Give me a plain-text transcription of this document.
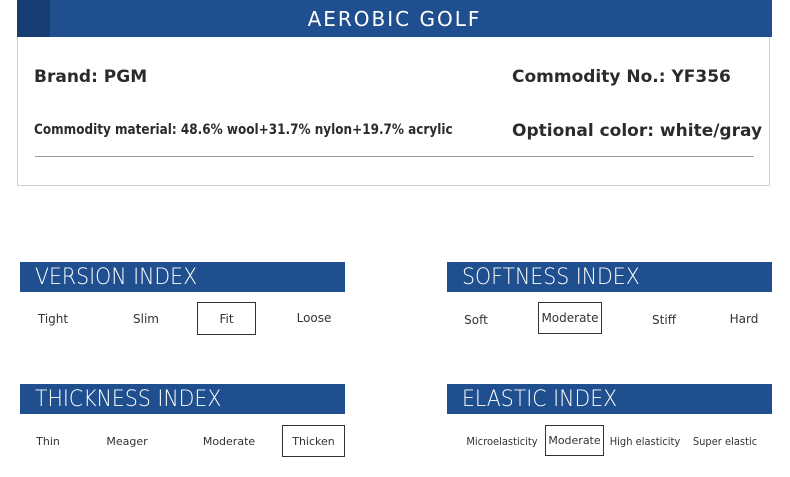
AEROBIC GOLF
Brand: PGM	Commodity No.: YF356
Commodity material: 48.6% wool+31.7% nylon+19.7% acrylic	Optional color: white/gray
VERSION INDEX
Tight	Slim	Fit	Loose
SOFTNESS INDEX
Soft	Moderate	Stiff	Hard
THICKNESS INDEX
Thin	Meager	Moderate	Thicken
ELASTIC INDEX
Microelasticity Moderate High elasticity Super elastic
